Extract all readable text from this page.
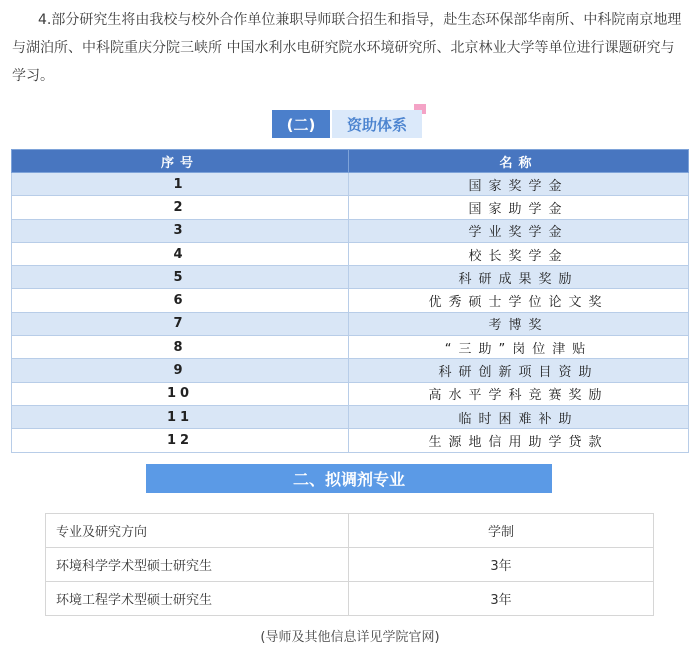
4.部分研究生将由我校与校外合作单位兼职导师联合招生和指导，赴生态环保部华南所、中科院南京地理与湖泊所、中科院重庆分院三峡所 中国水利水电研究院水环境研究所、北京林业大学等单位进行课题研究与学习。

(二)	资助体系
序号	名称
1	国家奖学金
2	国家助学金
3	学业奖学金
4	校长奖学金
5	科研成果奖励
6	优秀硕士学位论文奖
7	考博奖
8	“三助”岗位津贴
9	科研创新项目资助
10	高水平学科竞赛奖励
11	临时困难补助
12	生源地信用助学贷款
二、拟调剂专业
专业及研究方向	学制
环境科学学术型硕士研究生	3年
环境工程学术型硕士研究生	3年

(导师及其他信息详见学院官网)
